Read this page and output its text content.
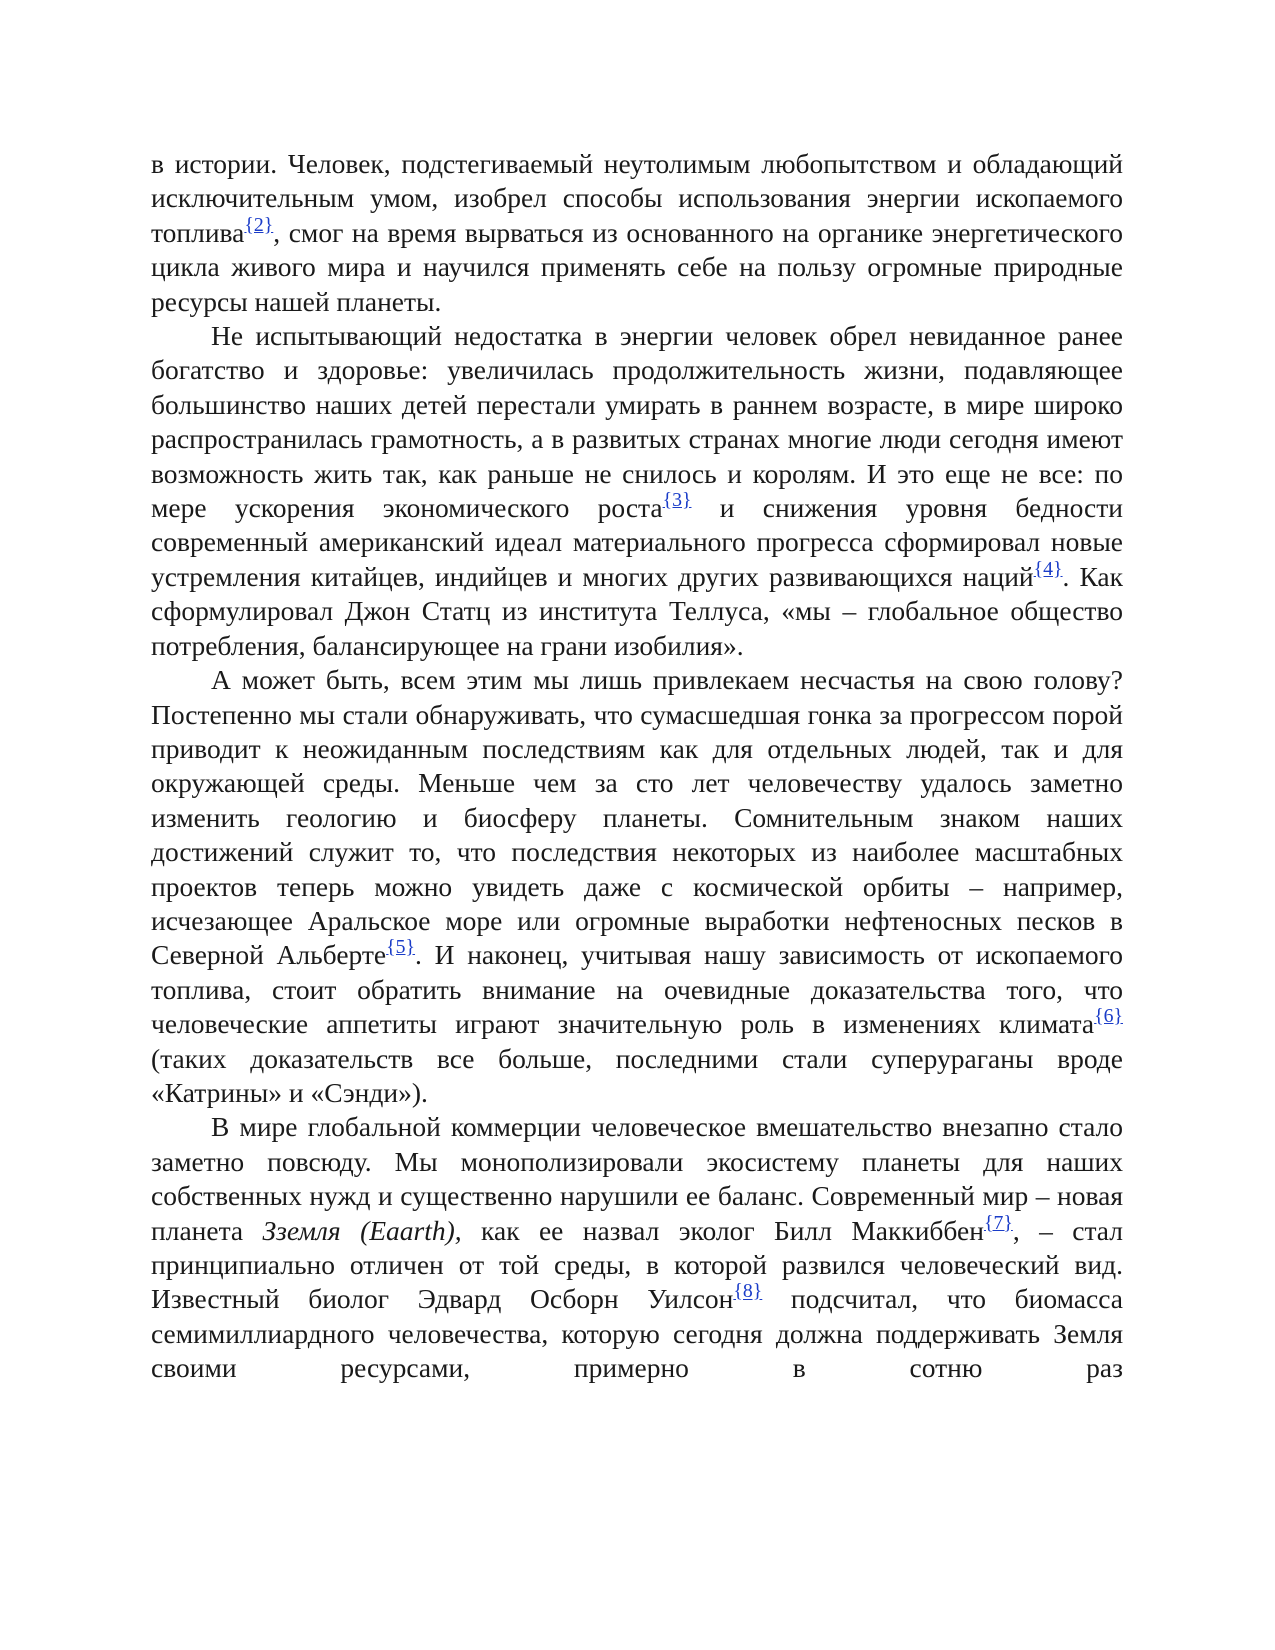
в истории. Человек, подстегиваемый неутолимым любопытством и обладающий исключительным умом, изобрел способы использования энергии ископаемого топлива$^{\{2\}}$, смог на время вырваться из основанного на органике энергетического цикла живого мира и научился применять себе на пользу огромные природные ресурсы нашей планеты.

Не испытывающий недостатка в энергии человек обрел невиданное ранее богатство и здоровье: увеличилась продолжительность жизни, подавляющее большинство наших детей перестали умирать в раннем возрасте, в мире широко распространилась грамотность, а в развитых странах многие люди сегодня имеют возможность жить так, как раньше не снилось и королям. И это еще не все: по мере ускорения экономического роста$^{\{3\}}$ и снижения уровня бедности современный американский идеал материального прогресса сформировал новые устремления китайцев, индийцев и многих других развивающихся наций$^{\{4\}}$. Как сформулировал Джон Статц из института Теллуса, «мы – глобальное общество потребления, балансирующее на грани изобилия».

А может быть, всем этим мы лишь привлекаем несчастья на свою голову? Постепенно мы стали обнаруживать, что сумасшедшая гонка за прогрессом порой приводит к неожиданным последствиям как для отдельных людей, так и для окружающей среды. Меньше чем за сто лет человечеству удалось заметно изменить геологию и биосферу планеты. Сомнительным знаком наших достижений служит то, что последствия некоторых из наиболее масштабных проектов теперь можно увидеть даже с космической орбиты – например, исчезающее Аральское море или огромные выработки нефтеносных песков в Северной Альберте$^{\{5\}}$. И наконец, учитывая нашу зависимость от ископаемого топлива, стоит обратить внимание на очевидные доказательства того, что человеческие аппетиты играют значительную роль в изменениях климата$^{\{6\}}$ (таких доказательств все больше, последними стали суперураганы вроде «Катрины» и «Сэнди»).

В мире глобальной коммерции человеческое вмешательство внезапно стало заметно повсюду. Мы монополизировали экосистему планеты для наших собственных нужд и существенно нарушили ее баланс. Современный мир – новая планета Зземля (Eaarth), как ее назвал эколог Билл Маккиббен$^{\{7\}}$, – стал принципиально отличен от той среды, в которой развился человеческий вид. Известный биолог Эдвард Осборн Уилсон$^{\{8\}}$ подсчитал, что биомасса семимиллиардного человечества, которую сегодня должна поддерживать Земля своими ресурсами, примерно в сотню раз
